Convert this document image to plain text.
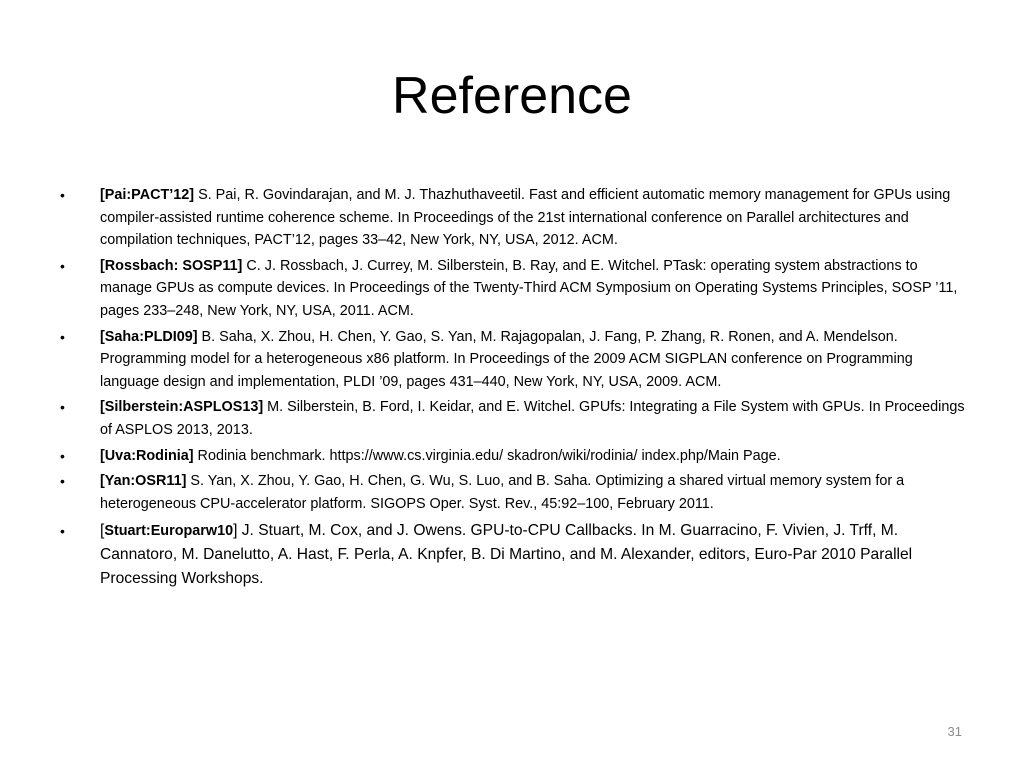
Reference
• [Pai:PACT’12] S. Pai, R. Govindarajan, and M. J. Thazhuthaveetil. Fast and efficient automatic memory management for GPUs using compiler-assisted runtime coherence scheme. In Proceedings of the 21st international conference on Parallel architectures and compilation techniques, PACT’12, pages 33–42, New York, NY, USA, 2012. ACM.
• [Rossbach: SOSP11] C. J. Rossbach, J. Currey, M. Silberstein, B. Ray, and E. Witchel. PTask: operating system abstractions to manage GPUs as compute devices. In Proceedings of the Twenty-Third ACM Symposium on Operating Systems Principles, SOSP ’11, pages 233–248, New York, NY, USA, 2011. ACM.
• [Saha:PLDI09] B. Saha, X. Zhou, H. Chen, Y. Gao, S. Yan, M. Rajagopalan, J. Fang, P. Zhang, R. Ronen, and A. Mendelson. Programming model for a heterogeneous x86 platform. In Proceedings of the 2009 ACM SIGPLAN conference on Programming language design and implementation, PLDI ’09, pages 431–440, New York, NY, USA, 2009. ACM.
• [Silberstein:ASPLOS13] M. Silberstein, B. Ford, I. Keidar, and E. Witchel. GPUfs: Integrating a File System with GPUs. In Proceedings of ASPLOS 2013, 2013.
• [Uva:Rodinia] Rodinia benchmark. https://www.cs.virginia.edu/ skadron/wiki/rodinia/ index.php/Main Page.
• [Yan:OSR11] S. Yan, X. Zhou, Y. Gao, H. Chen, G. Wu, S. Luo, and B. Saha. Optimizing a shared virtual memory system for a heterogeneous CPU-accelerator platform. SIGOPS Oper. Syst. Rev., 45:92–100, February 2011.
• [Stuart:Europarw10] J. Stuart, M. Cox, and J. Owens. GPU-to-CPU Callbacks. In M. Guarracino, F. Vivien, J. Trff, M. Cannatoro, M. Danelutto, A. Hast, F. Perla, A. Knpfer, B. Di Martino, and M. Alexander, editors, Euro-Par 2010 Parallel Processing Workshops.
31
